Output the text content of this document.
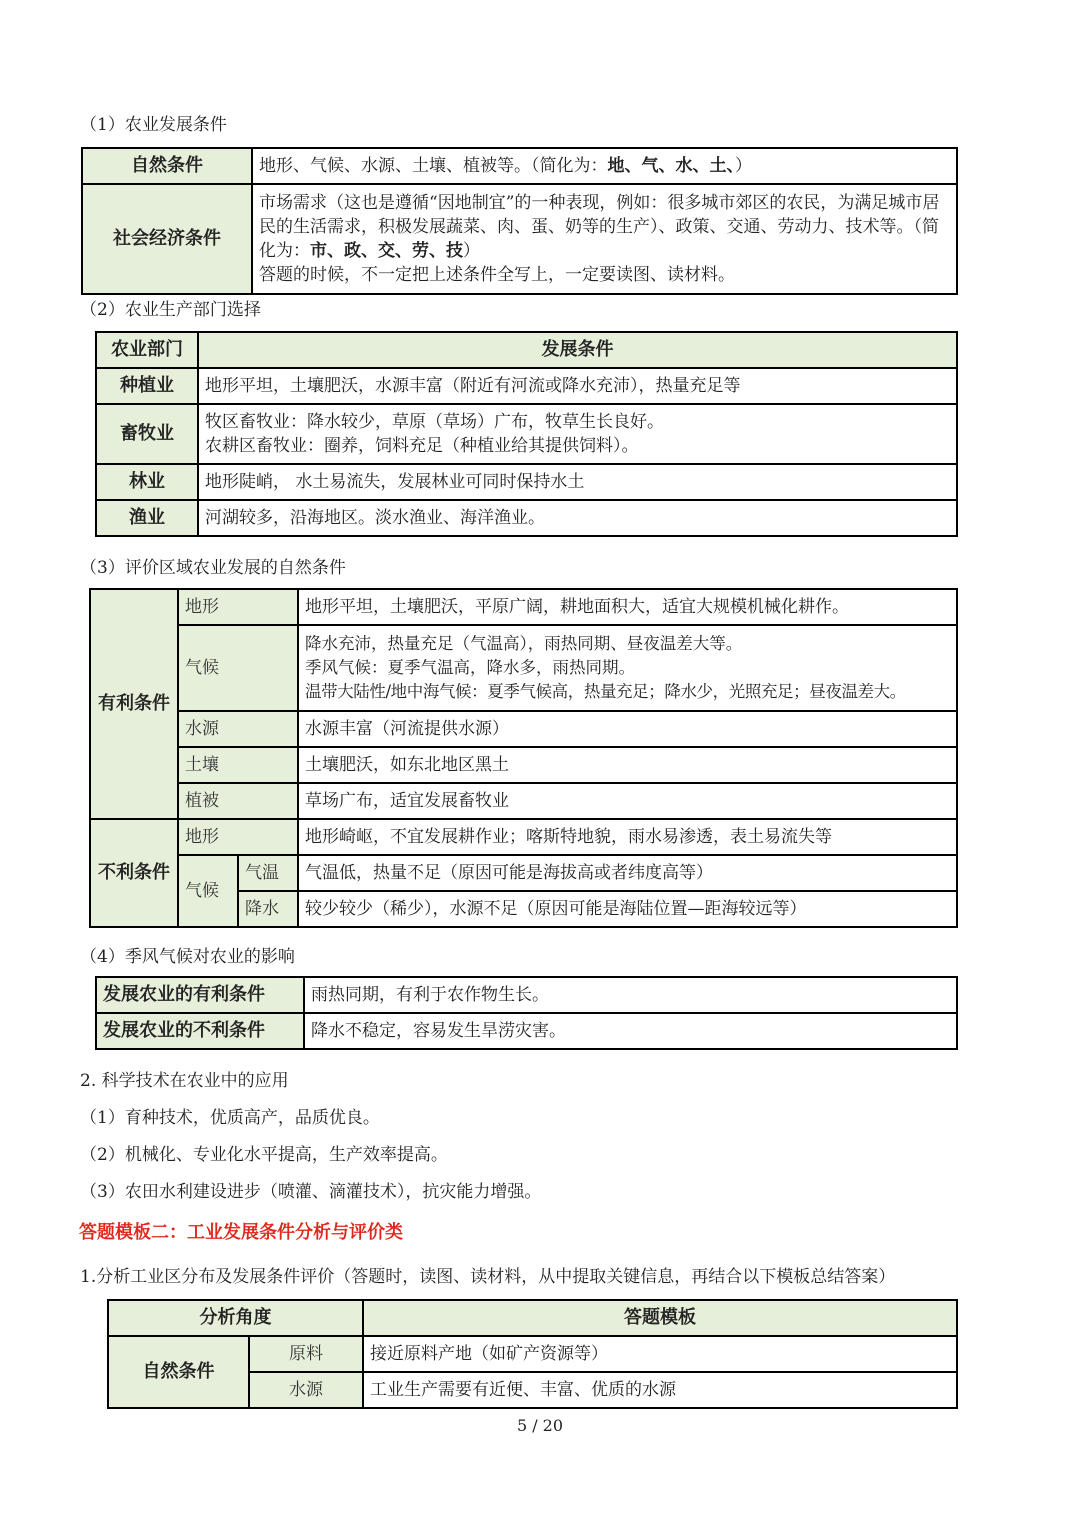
（1）农业发展条件
自然条件	地形、气候、水源、土壤、植被等。（简化为：地、气、水、土、）
社会经济条件	市场需求（这也是遵循“因地制宜”的一种表现，例如：很多城市郊区的农民，为满足城市居民的生活需求，积极发展蔬菜、肉、蛋、奶等的生产）、政策、交通、劳动力、技术等。（简化为：市、政、交、劳、技）
答题的时候，不一定把上述条件全写上，一定要读图、读材料。
（2）农业生产部门选择
农业部门	发展条件
种植业	地形平坦，土壤肥沃，水源丰富（附近有河流或降水充沛），热量充足等
畜牧业	牧区畜牧业：降水较少，草原（草场）广布，牧草生长良好。
农耕区畜牧业：圈养，饲料充足（种植业给其提供饲料）。

林业	地形陡峭， 水土易流失，发展林业可同时保持水土
渔业	河湖较多，沿海地区。淡水渔业、海洋渔业。
（3）评价区域农业发展的自然条件
有利条件	地形		地形平坦，土壤肥沃，平原广阔，耕地面积大，适宜大规模机械化耕作。
	气候		降水充沛，热量充足（气温高），雨热同期、昼夜温差大等。
季风气候：夏季气温高，降水多，雨热同期。
温带大陆性/地中海气候：夏季气候高，热量充足；降水少，光照充足；昼夜温差大。

	水源		水源丰富（河流提供水源）
	土壤		土壤肥沃，如东北地区黑土
	植被		草场广布，适宜发展畜牧业
不利条件	地形		地形崎岖，不宜发展耕作业；喀斯特地貌，雨水易渗透，表土易流失等
	气候	气温	气温低，热量不足（原因可能是海拔高或者纬度高等）
		降水	较少较少（稀少），水源不足（原因可能是海陆位置—距海较远等）
（4）季风气候对农业的影响
发展农业的有利条件	雨热同期，有利于农作物生长。
发展农业的不利条件	降水不稳定，容易发生旱涝灾害。
2. 科学技术在农业中的应用
（1）育种技术，优质高产，品质优良。
（2）机械化、专业化水平提高，生产效率提高。
（3）农田水利建设进步（喷灌、滴灌技术），抗灾能力增强。
答题模板二：工业发展条件分析与评价类
1.分析工业区分布及发展条件评价（答题时，读图、读材料，从中提取关键信息，再结合以下模板总结答案）
分析角度		答题模板
自然条件	原料	接近原料产地（如矿产资源等）
	水源	工业生产需要有近便、丰富、优质的水源
5 / 20
